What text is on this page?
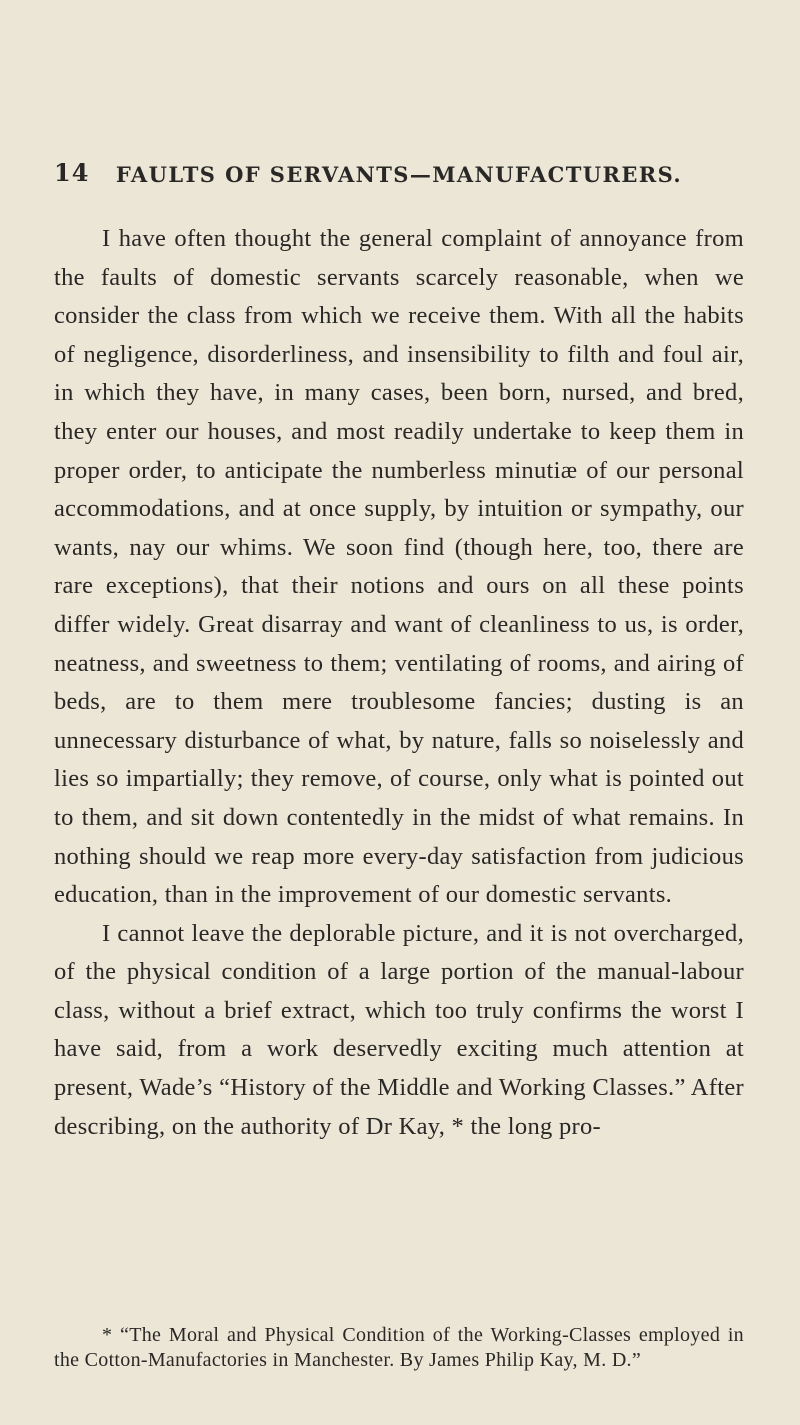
14	FAULTS OF SERVANTS—MANUFACTURERS.

I have often thought the general complaint of annoyance from the faults of domestic servants scarcely reasonable, when we consider the class from which we receive them. With all the habits of negligence, disorderliness, and insensibility to filth and foul air, in which they have, in many cases, been born, nursed, and bred, they enter our houses, and most readily undertake to keep them in proper order, to anticipate the numberless minutiæ of our personal accommodations, and at once supply, by intuition or sympathy, our wants, nay our whims. We soon find (though here, too, there are rare exceptions), that their notions and ours on all these points differ widely. Great disarray and want of cleanliness to us, is order, neatness, and sweetness to them; ventilating of rooms, and airing of beds, are to them mere troublesome fancies; dusting is an unnecessary disturbance of what, by nature, falls so noiselessly and lies so impartially; they remove, of course, only what is pointed out to them, and sit down contentedly in the midst of what remains. In nothing should we reap more every-day satisfaction from judicious education, than in the improvement of our domestic servants.

I cannot leave the deplorable picture, and it is not overcharged, of the physical condition of a large portion of the manual-labour class, without a brief extract, which too truly confirms the worst I have said, from a work deservedly exciting much attention at present, Wade’s “History of the Middle and Working Classes.” After describing, on the authority of Dr Kay, * the long pro-

* “The Moral and Physical Condition of the Working-Classes employed in the Cotton-Manufactories in Manchester. By James Philip Kay, M. D.”
